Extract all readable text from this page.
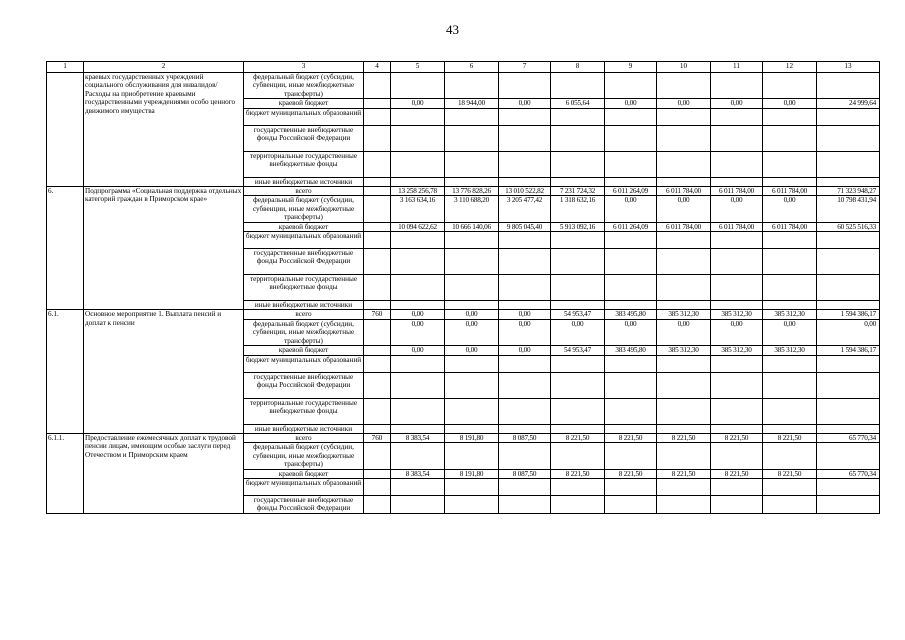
43
1	2	3	4	5	6	7	8	9	10	11	12	13
	краевых государственных учреждений социального обслуживания для инвалидов/ Расходы на приобретение краевыми государственными учреждениями особо ценного движимого имущества	федеральный бюджет (субсидии, субвенции, иные межбюджетные трансферты)										
		краевой бюджет		0,00	18 944,00	0,00	6 055,64	0,00	0,00	0,00	0,00	24 999,64
		бюджет муниципальных образований										
		государственные внебюджетные фонды Российской Федерации										
		территориальные государственные внебюджетные фонды										
		иные внебюджетные источники										
6.	Подпрограмма «Социальная поддержка отдельных категорий граждан в Приморском крае»	всего		13 258 256,78	13 776 828,26	13 010 522,82	7 231 724,32	6 011 264,09	6 011 784,00	6 011 784,00	6 011 784,00	71 323 948,27
		федеральный бюджет (субсидии, субвенции, иные межбюджетные трансферты)		3 163 634,16	3 110 688,20	3 205 477,42	1 318 632,16	0,00	0,00	0,00	0,00	10 798 431,94
		краевой бюджет		10 094 622,62	10 666 140,06	9 805 045,40	5 913 092,16	6 011 264,09	6 011 784,00	6 011 784,00	6 011 784,00	60 525 516,33
		бюджет муниципальных образований										
		государственные внебюджетные фонды Российской Федерации										
		территориальные государственные внебюджетные фонды										
		иные внебюджетные источники										
6.1.	Основное мероприятие 1. Выплата пенсий и доплат к пенсии	всего	760	0,00	0,00	0,00	54 953,47	383 495,80	385 312,30	385 312,30	385 312,30	1 594 386,17
		федеральный бюджет (субсидии, субвенции, иные межбюджетные трансферты)		0,00	0,00	0,00	0,00	0,00	0,00	0,00	0,00	0,00
		краевой бюджет		0,00	0,00	0,00	54 953,47	383 495,80	385 312,30	385 312,30	385 312,30	1 594 386,17
		бюджет муниципальных образований										
		государственные внебюджетные фонды Российской Федерации										
		территориальные государственные внебюджетные фонды										
		иные внебюджетные источники										
6.1.1.	Предоставление ежемесячных доплат к трудовой пенсии лицам, имеющим особые заслуги перед Отечеством и Приморским краем	всего	760	8 383,54	8 191,80	8 087,50	8 221,50	8 221,50	8 221,50	8 221,50	8 221,50	65 770,34
		федеральный бюджет (субсидии, субвенции, иные межбюджетные трансферты)										
		краевой бюджет		8 383,54	8 191,80	8 087,50	8 221,50	8 221,50	8 221,50	8 221,50	8 221,50	65 770,34
		бюджет муниципальных образований										
		государственные внебюджетные фонды Российской Федерации										
